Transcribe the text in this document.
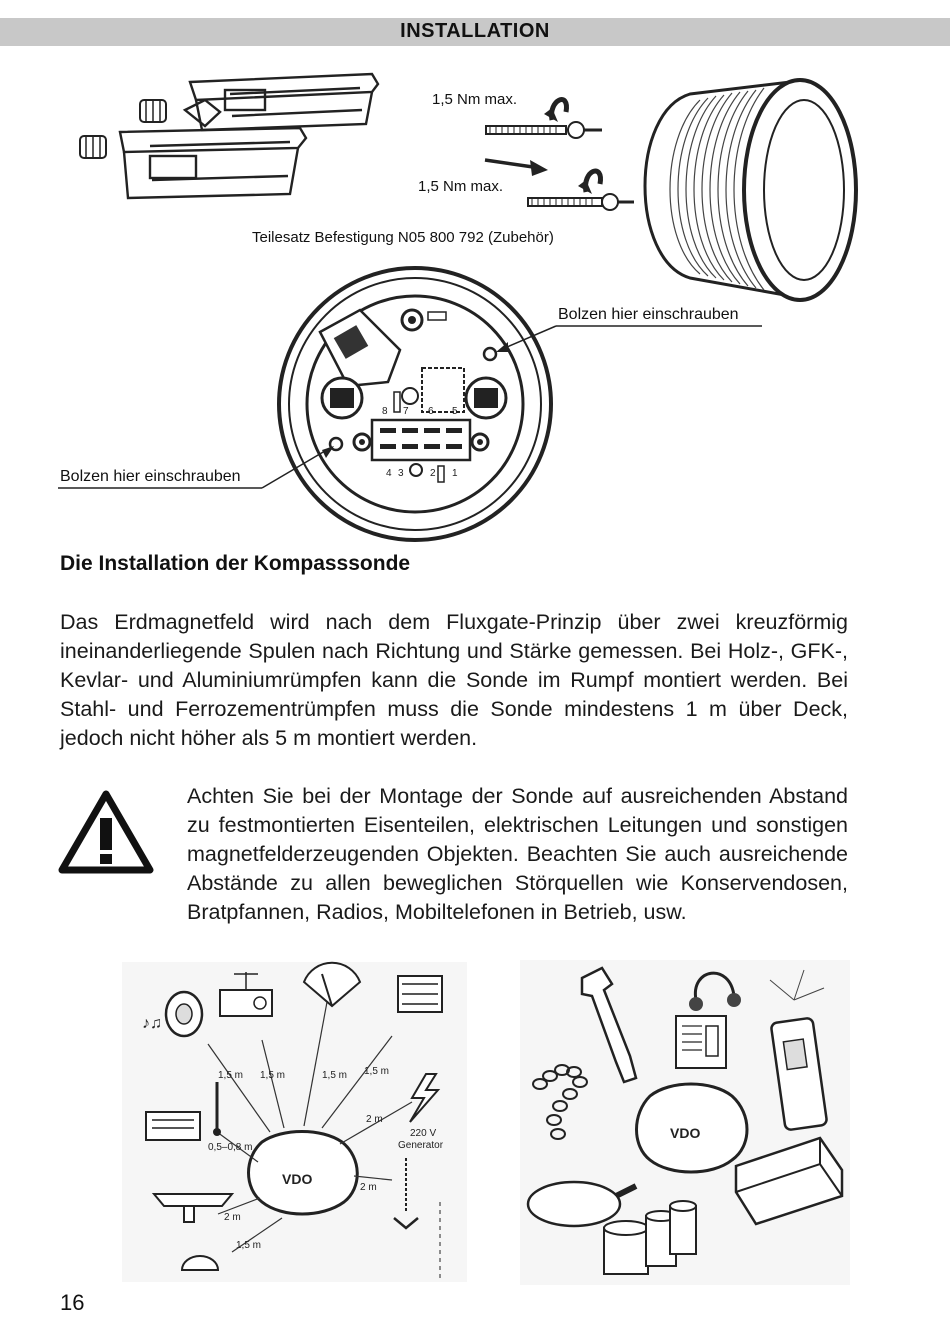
INSTALLATION
1,5 Nm max.
1,5 Nm max.
Teilesatz Befestigung N05 800 792 (Zubehör)
8 7 6 5
4 3	2 1
Bolzen hier einschrauben
Bolzen hier einschrauben
Die Installation der Kompasssonde

Das Erdmagnetfeld wird nach dem Fluxgate-Prinzip über zwei kreuzförmig ineinanderliegende Spulen nach Richtung und Stärke gemessen. Bei Holz-, GFK-, Kevlar- und Aluminiumrümpfen kann die Sonde im Rumpf montiert werden. Bei Stahl- und Ferrozementrümpfen muss die Sonde mindestens 1 m über Deck, jedoch nicht höher als 5 m montiert werden.

Achten Sie bei der Montage der Sonde auf ausreichenden Abstand zu festmontierten Eisenteilen, elektrischen Leitungen und sonstigen magnetfelderzeugenden Objekten. Beachten Sie auch ausreichende Abstände zu allen beweglichen Störquellen wie Konservendosen, Bratpfannen, Radios, Mobiltelefonen in Betrieb, usw.

VDO
♪♫
1,5 m 1,5 m	1,5 m 1,5 m
2 m
0,5–0,8 m
2 m
2 m
1,5 m
220 V
Generator
VDO
16
